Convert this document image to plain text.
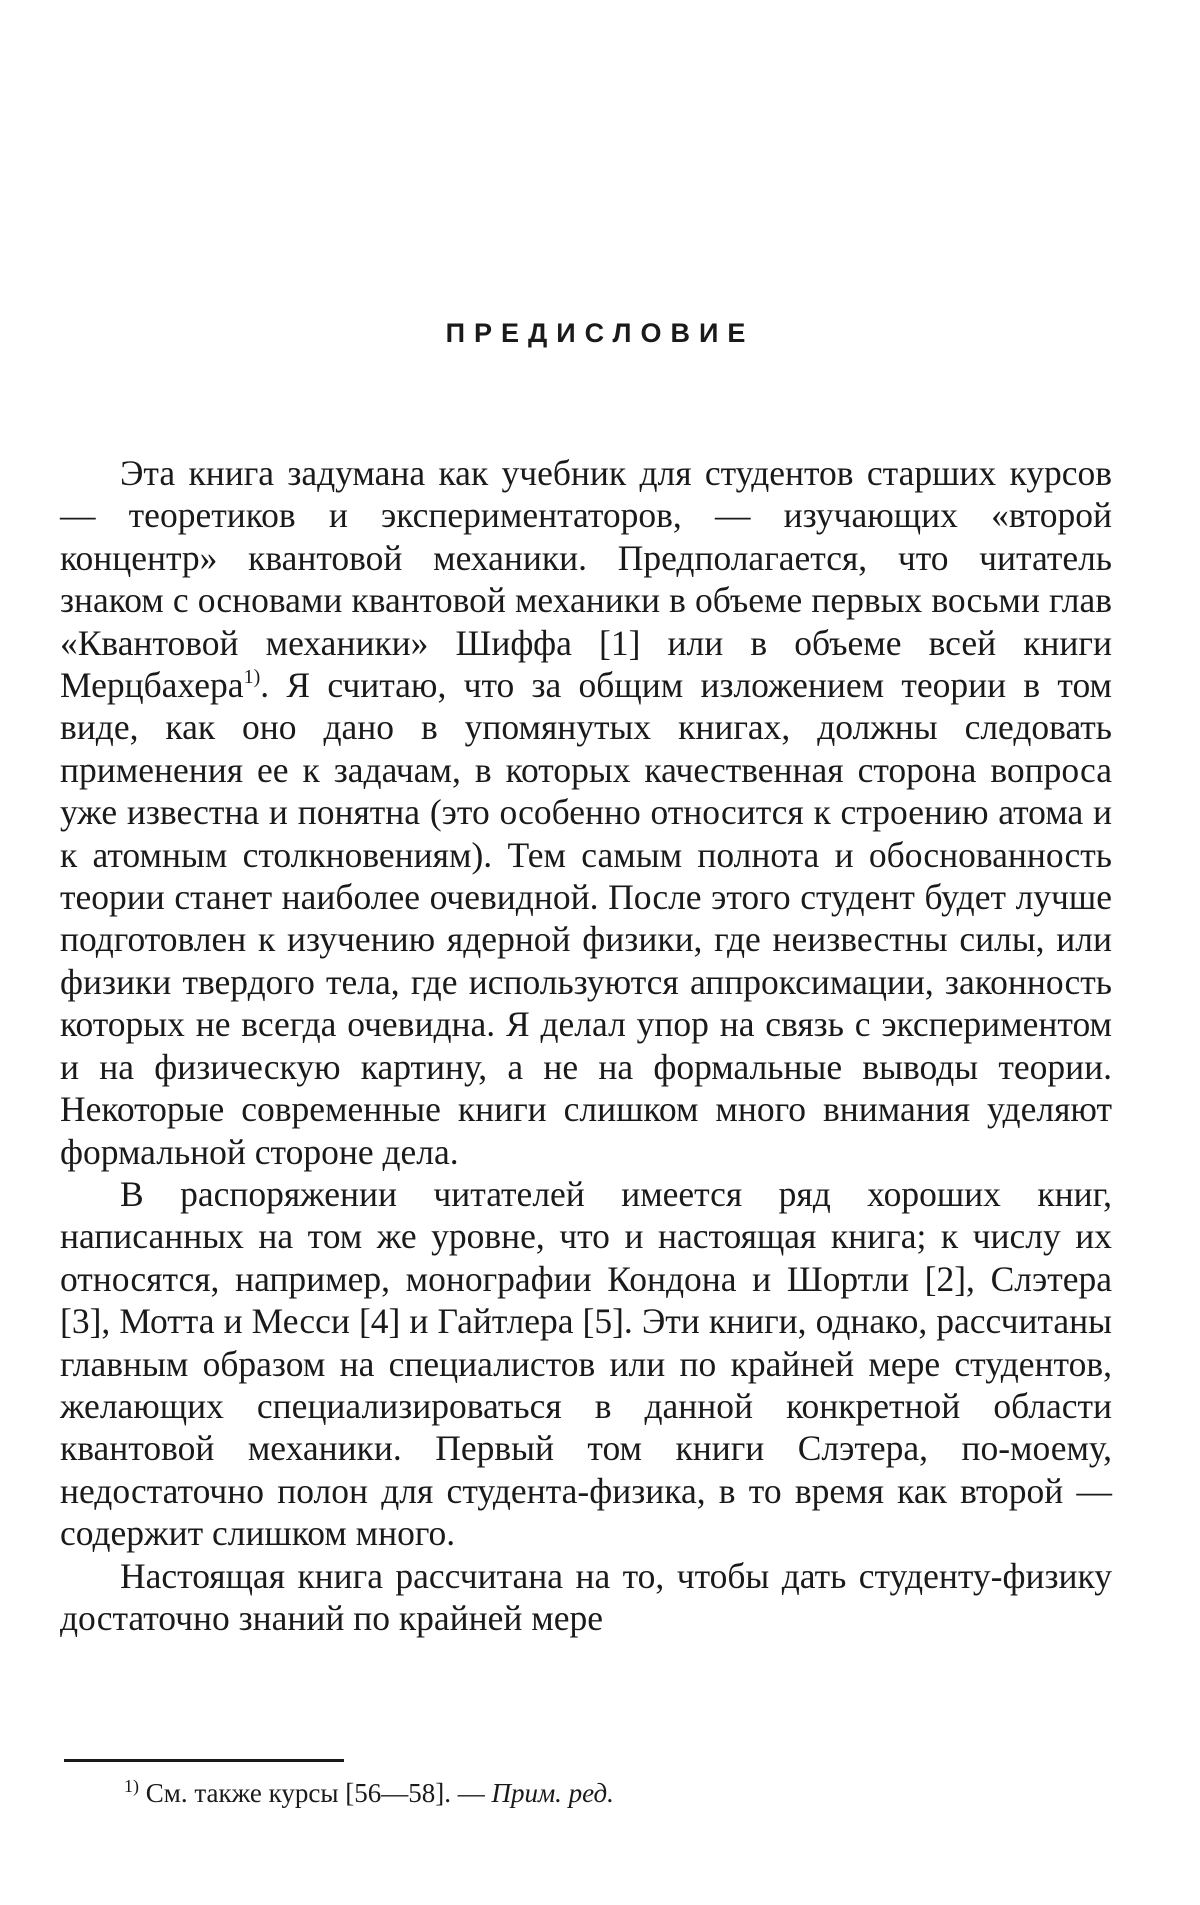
ПРЕДИСЛОВИЕ

Эта книга задумана как учебник для студентов старших курсов — теоретиков и экспериментаторов, — изучающих «второй концентр» квантовой механики. Предполагается, что читатель знаком с основами квантовой механики в объеме первых восьми глав «Квантовой механики» Шиффа [1] или в объеме всей книги Мерцбахера$^{1)}$. Я считаю, что за общим изложением теории в том виде, как оно дано в упомянутых книгах, должны следовать применения ее к задачам, в которых качественная сторона вопроса уже известна и понятна (это особенно относится к строению атома и к атомным столкновениям). Тем самым полнота и обоснованность теории станет наиболее очевидной. После этого студент будет лучше подготовлен к изучению ядерной физики, где неизвестны силы, или физики твердого тела, где используются аппроксимации, законность которых не всегда очевидна. Я делал упор на связь с экспериментом и на физическую картину, а не на формальные выводы теории. Некоторые современные книги слишком много внимания уделяют формальной стороне дела.

В распоряжении читателей имеется ряд хороших книг, написанных на том же уровне, что и настоящая книга; к числу их относятся, например, монографии Кондона и Шортли [2], Слэтера [3], Мотта и Месси [4] и Гайтлера [5]. Эти книги, однако, рассчитаны главным образом на специалистов или по крайней мере студентов, желающих специализироваться в данной конкретной области квантовой механики. Первый том книги Слэтера, по-моему, недостаточно полон для студента-физика, в то время как второй — содержит слишком много.

Настоящая книга рассчитана на то, чтобы дать студенту-физику достаточно знаний по крайней мере

$^{1)}$ См. также курсы [56—58]. — Прим. ред.
